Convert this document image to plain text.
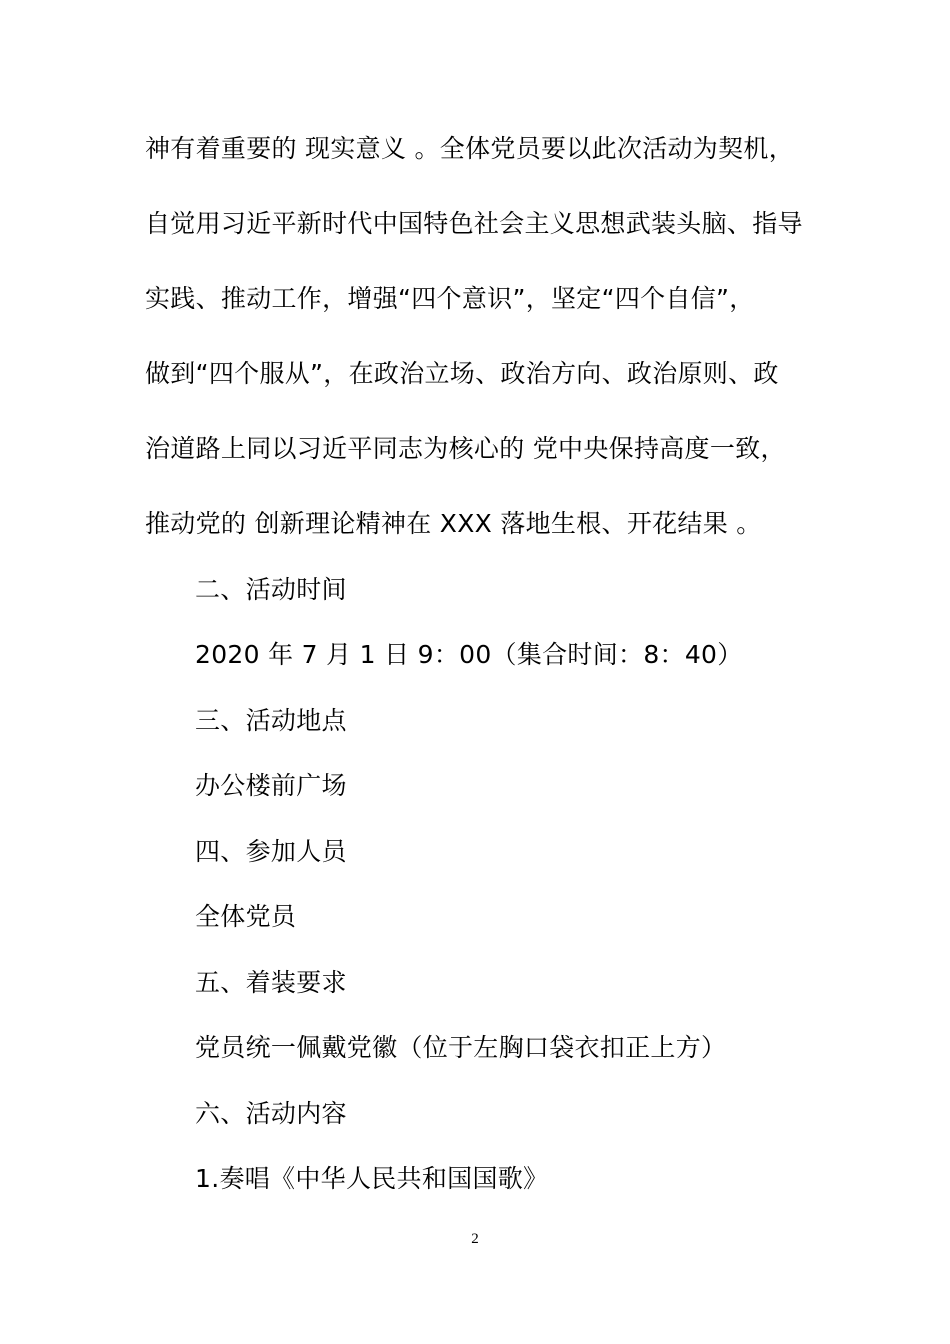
神有着重要的 现实意义 。全体党员要以此次活动为契机，
自觉用习近平新时代中国特色社会主义思想武装头脑、指导
实践、推动工作，增强“四个意识”，坚定“四个自信”，
做到“四个服从”，在政治立场、政治方向、政治原则、政
治道路上同以习近平同志为核心的 党中央保持高度一致，
推动党的 创新理论精神在 XXX 落地生根、开花结果 。
二、活动时间
2020 年 7 月 1 日 9：00（集合时间：8：40）
三、活动地点
办公楼前广场
四、参加人员
全体党员
五、着装要求
党员统一佩戴党徽（位于左胸口袋衣扣正上方）
六、活动内容
1.奏唱《中华人民共和国国歌》
2
